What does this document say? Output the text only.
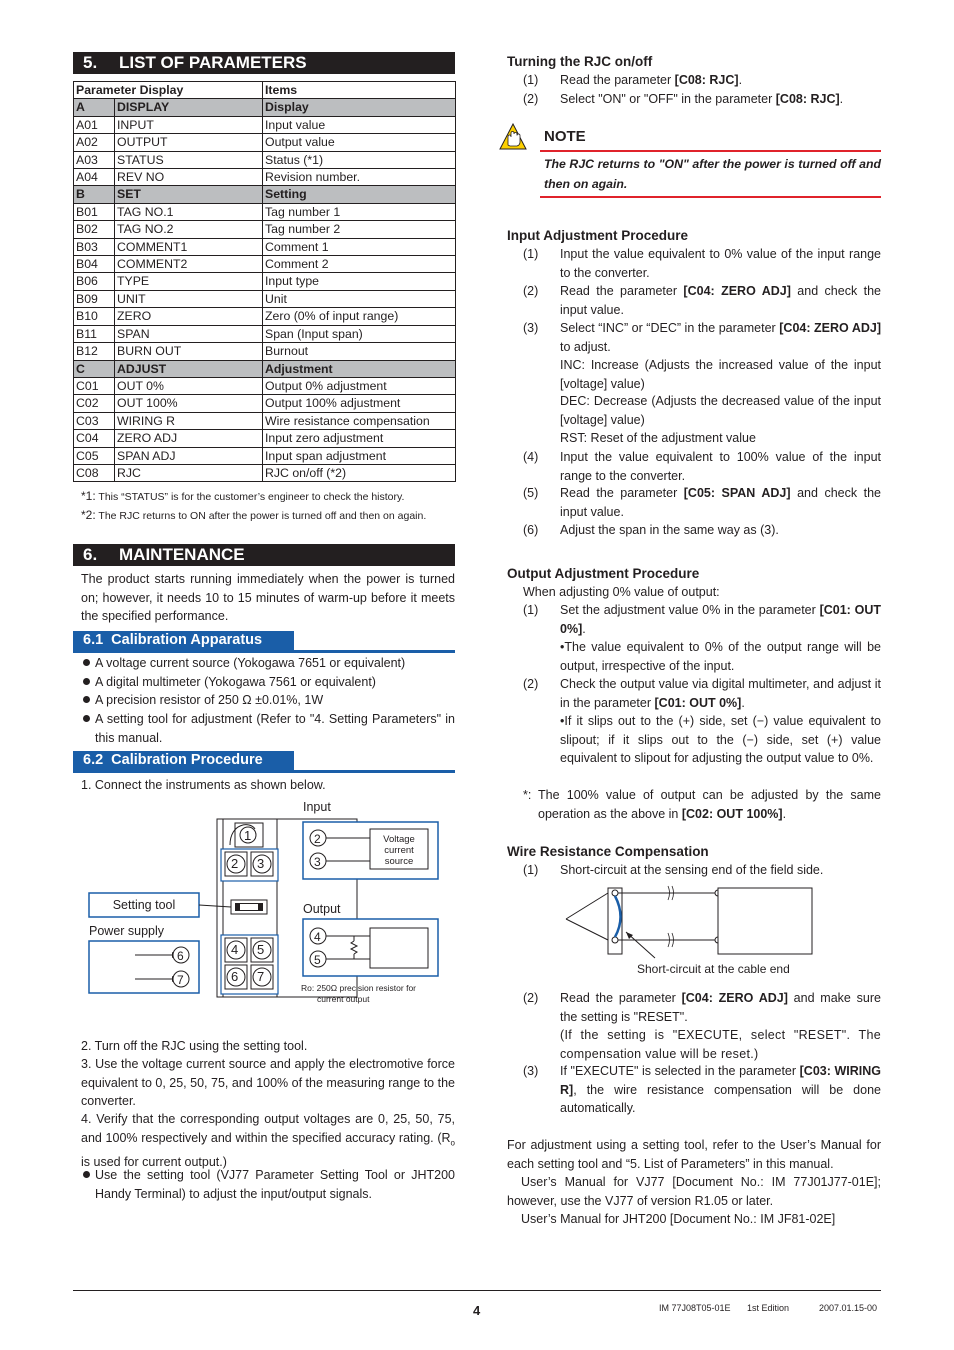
5. LIST OF PARAMETERS
Parameter Display		Items
A	DISPLAY	Display
A01	INPUT	Input value
A02	OUTPUT	Output value
A03	STATUS	Status (*1)
A04	REV NO	Revision number.
B	SET	Setting
B01	TAG NO.1	Tag number 1
B02	TAG NO.2	Tag number 2
B03	COMMENT1	Comment 1
B04	COMMENT2	Comment 2
B06	TYPE	Input type
B09	UNIT	Unit
B10	ZERO	Zero (0% of input range)
B11	SPAN	Span (Input span)
B12	BURN OUT	Burnout
C	ADJUST	Adjustment
C01	OUT 0%	Output 0% adjustment
C02	OUT 100%	Output 100% adjustment
C03	WIRING R	Wire resistance compensation
C04	ZERO ADJ	Input zero adjustment
C05	SPAN ADJ	Input span adjustment
C08	RJC	RJC on/off (*2)
*1: This “STATUS” is for the customer’s engineer to check the history.
*2: The RJC returns to ON after the power is turned off and then on again.
6. MAINTENANCE
The product starts running immediately when the power is turned on; however, it needs 10 to 15 minutes of warm-up before it meets the specified performance.
6.1 Calibration Apparatus
A voltage current source (Yokogawa 7651 or equivalent)
A digital multimeter (Yokogawa 7561 or equivalent)
A precision resistor of 250 Ω ±0.01%, 1W
A setting tool for adjustment (Refer to "4. Setting Parameters" in this manual.
6.2 Calibration Procedure
1. Connect the instruments as shown below.
1
2 3
4 5
6 7
Setting tool
Power supply
6
7
Input
2
3
Voltage
current
source
Output
4
5
Ro: 250Ω precision resistor for
current output
2. Turn off the RJC using the setting tool.
3. Use the voltage current source and apply the electromotive force equivalent to 0, 25, 50, 75, and 100% of the measuring range to the converter.
4. Verify that the corresponding output voltages are 0, 25, 50, 75, and 100% respectively and within the specified accuracy rating. ($R_o$ is used for current output.)
Use the setting tool (VJ77 Parameter Setting Tool or JHT200 Handy Terminal) to adjust the input/output signals.
Turning the RJC on/off
(1) Read the parameter [C08: RJC].
(2) Select "ON" or "OFF" in the parameter [C08: RJC].
NOTE
The RJC returns to "ON" after the power is turned off and then on again.
Input Adjustment Procedure
(1) Input the value equivalent to 0% value of the input range to the converter.
(2) Read the parameter [C04: ZERO ADJ] and check the input value.
(3) Select “INC” or “DEC” in the parameter [C04: ZERO ADJ] to adjust.
(4) Input the value equivalent to 100% value of the input range to the converter.
(5) Read the parameter [C05: SPAN ADJ] and check the input value.
(6) Adjust the span in the same way as (3).
INC: Increase (Adjusts the increased value of the input [voltage] value)
DEC: Decrease (Adjusts the decreased value of the input [voltage] value)
RST: Reset of the adjustment value
Output Adjustment Procedure
When adjusting 0% value of output:
(1) Set the adjustment value 0% in the parameter [C01: OUT 0%].
•The value equivalent to 0% of the output range will be output, irrespective of the input.
(2) Check the output value via digital multimeter, and adjust it in the parameter [C01: OUT 0%].
•If it slips out to the (+) side, set (−) value equivalent to slipout; if it slips out to the (−) side, set (+) value equivalent to slipout for adjusting the output value to 0%.
*: The 100% value of output can be adjusted by the same operation as the above in [C02: OUT 100%].
Wire Resistance Compensation
(1) Short-circuit at the sensing end of the field side.
Short-circuit at the cable end
(2) Read the parameter [C04: ZERO ADJ] and make sure the setting is "RESET".
(If the setting is "EXECUTE, select "RESET". The compensation value will be reset.)
(3) If "EXECUTE" is selected in the parameter [C03: WIRING R], the wire resistance compensation will be done automatically.
For adjustment using a setting tool, refer to the User’s Manual for each setting tool and “5. List of Parameters” in this manual.
User’s Manual for VJ77 [Document No.: IM 77J01J77-01E]; however, use the VJ77 of version R1.05 or later.
User’s Manual for JHT200 [Document No.: IM JF81-02E]
4	IM 77J08T05-01E 1st Edition	2007.01.15-00
